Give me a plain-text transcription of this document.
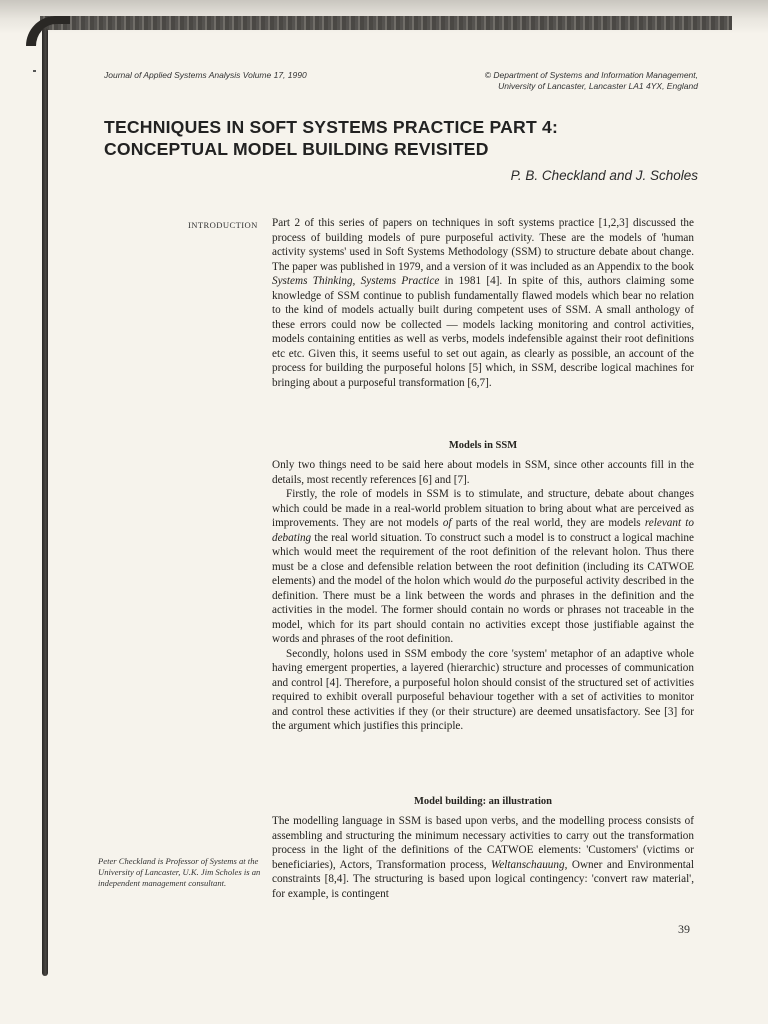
Journal of Applied Systems Analysis Volume 17, 1990	© Department of Systems and Information Management,
University of Lancaster, Lancaster LA1 4YX, England
TECHNIQUES IN SOFT SYSTEMS PRACTICE PART 4:
CONCEPTUAL MODEL BUILDING REVISITED
P. B. Checkland and J. Scholes
INTRODUCTION Part 2 of this series of papers on techniques in soft systems practice [1,2,3] discussed the process of building models of pure purposeful activity. These are the models of 'human activity systems' used in Soft Systems Methodology (SSM) to structure debate about change. The paper was published in 1979, and a version of it was included as an Appendix to the book Systems Thinking, Systems Practice in 1981 [4]. In spite of this, authors claiming some knowledge of SSM continue to publish fundamentally flawed models which bear no relation to the kind of models actually built during competent uses of SSM. A small anthology of these errors could now be collected — models lacking monitoring and control activities, models containing entities as well as verbs, models indefensible against their root definitions etc etc. Given this, it seems useful to set out again, as clearly as possible, an account of the process for building the purposeful holons [5] which, in SSM, describe logical machines for bringing about a purposeful transformation [6,7].

Models in SSM

Only two things need to be said here about models in SSM, since other accounts fill in the details, most recently references [6] and [7].

Firstly, the role of models in SSM is to stimulate, and structure, debate about changes which could be made in a real-world problem situation to bring about what are perceived as improvements. They are not models of parts of the real world, they are models relevant to debating the real world situation. To construct such a model is to construct a logical machine which would meet the requirement of the root definition of the relevant holon. Thus there must be a close and defensible relation between the root definition (including its CATWOE elements) and the model of the holon which would do the purposeful activity described in the definition. There must be a link between the words and phrases in the definition and the activities in the model. The former should contain no words or phrases not traceable in the model, which for its part should contain no activities except those justifiable against the words and phrases of the root definition.

Secondly, holons used in SSM embody the core 'system' metaphor of an adaptive whole having emergent properties, a layered (hierarchic) structure and processes of communication and control [4]. Therefore, a purposeful holon should consist of the structured set of activities required to exhibit overall purposeful behaviour together with a set of activities to monitor and control these activities if they (or their structure) are deemed unsatisfactory. See [3] for the argument which justifies this principle.

Model building: an illustration

The modelling language in SSM is based upon verbs, and the modelling process consists of assembling and structuring the minimum necessary activities to carry out the transformation process in the light of the definitions of the CATWOE elements: 'Customers' (victims or beneficiaries), Actors, Transformation process, Weltanschauung, Owner and Environmental constraints [8,4]. The structuring is based upon logical contingency: 'convert raw material', for example, is contingent

Peter Checkland is Professor of Systems at the University of Lancaster, U.K. Jim Scholes is an independent management consultant.
39
